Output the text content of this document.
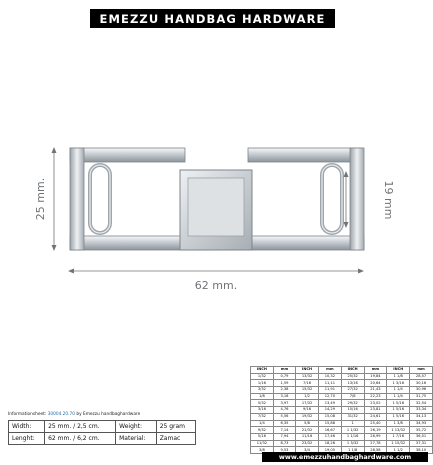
EMEZZU HANDBAG HARDWARE
25 mm.	19 mm
62 mm.
Informationsheet: 30004.20.70 by Emezzu handbaghardware
Width:	25 mm. / 2,5 cm.	Weight:	25 gram
Lenght:	62 mm. / 6,2 cm.	Material:	Zamac
INCH	mm	INCH	mm	INCH	mm	INCH	mm
1/32	0,79	13/32	10,32	25/32	19,84	1 1/8	28,57
1/16	1,59	7/16	11,11	13/16	20,64	1 3/16	30,16
3/32	2,38	15/32	11,91	27/32	21,43	1 1/4	30,96
1/8	3,18	1/2	12,70	7/8	22,23	1 1/4	31,75
5/32	3,97	17/32	13,49	29/32	23,02	1 5/16	32,54
3/16	4,76	9/16	14,29	15/16	23,81	1 5/16	33,34
7/32	5,56	19/32	15,08	31/32	24,61	1 5/16	34,13
1/4	6,35	5/8	15,88	1	25,40	1 3/8	34,93
9/32	7,14	21/32	16,67	1 1/32	26,19	1 13/32	35,72
5/16	7,94	11/16	17,46	1 1/16	26,99	1 7/16	36,51
11/32	8,73	23/32	18,26	1 3/32	27,78	1 15/32	37,31
3/8	9,53	3/4	19,05	1 1/8	28,58	1 1/2	38,10
www.emezzuhandbaghardware.com
